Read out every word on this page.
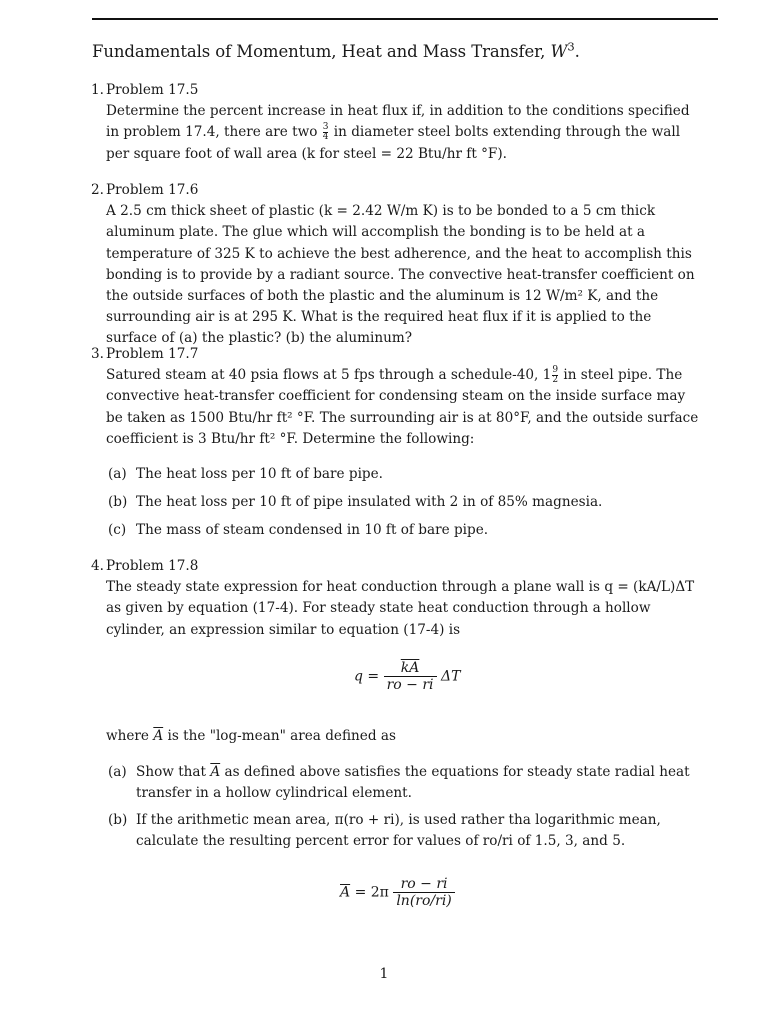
Fundamentals of Momentum, Heat and Mass Transfer, $W^3$.
1. Problem 17.5
Determine the percent increase in heat flux if, in addition to the conditions specified in problem 17.4, there are two $\frac{3}{4}$ in diameter steel bolts extending through the wall per square foot of wall area (k for steel = 22 Btu/hr ft °F).
2. Problem 17.6
A 2.5 cm thick sheet of plastic (k = 2.42 W/m K) is to be bonded to a 5 cm thick aluminum plate. The glue which will accomplish the bonding is to be held at a temperature of 325 K to achieve the best adherence, and the heat to accomplish this bonding is to provide by a radiant source. The convective heat-transfer coefficient on the outside surfaces of both the plastic and the aluminum is 12 W/m² K, and the surrounding air is at 295 K. What is the required heat flux if it is applied to the surface of (a) the plastic? (b) the aluminum?
3. Problem 17.7
Satured steam at 40 psia flows at 5 fps through a schedule-40, $1 \frac{9}{2}$ in steel pipe. The convective heat-transfer coefficient for condensing steam on the inside surface may be taken as 1500 Btu/hr ft² °F. The surrounding air is at 80°F, and the outside surface coefficient is 3 Btu/hr ft² °F. Determine the following:
(a) The heat loss per 10 ft of bare pipe.
(b) The heat loss per 10 ft of pipe insulated with 2 in of 85% magnesia.
(c) The mass of steam condensed in 10 ft of bare pipe.
4. Problem 17.8
The steady state expression for heat conduction through a plane wall is q = (kA/L)ΔT as given by equation (17-4). For steady state heat conduction through a hollow cylinder, an expression similar to equation (17-4) is
$q = \frac{\overline{kA}}{ro - ri}$ ΔT
where $\overline{A}$ is the "log-mean" area defined as
(a) Show that $\overline{A}$ as defined above satisfies the equations for steady state radial heat transfer in a hollow cylindrical element.
(b) If the arithmetic mean area, π(ro + ri), is used rather tha logarithmic mean, calculate the resulting percent error for values of ro/ri of 1.5, 3, and 5.
$\overline{A} = 2\pi \frac{ro - ri}{\ln(ro/ri)}$
1
